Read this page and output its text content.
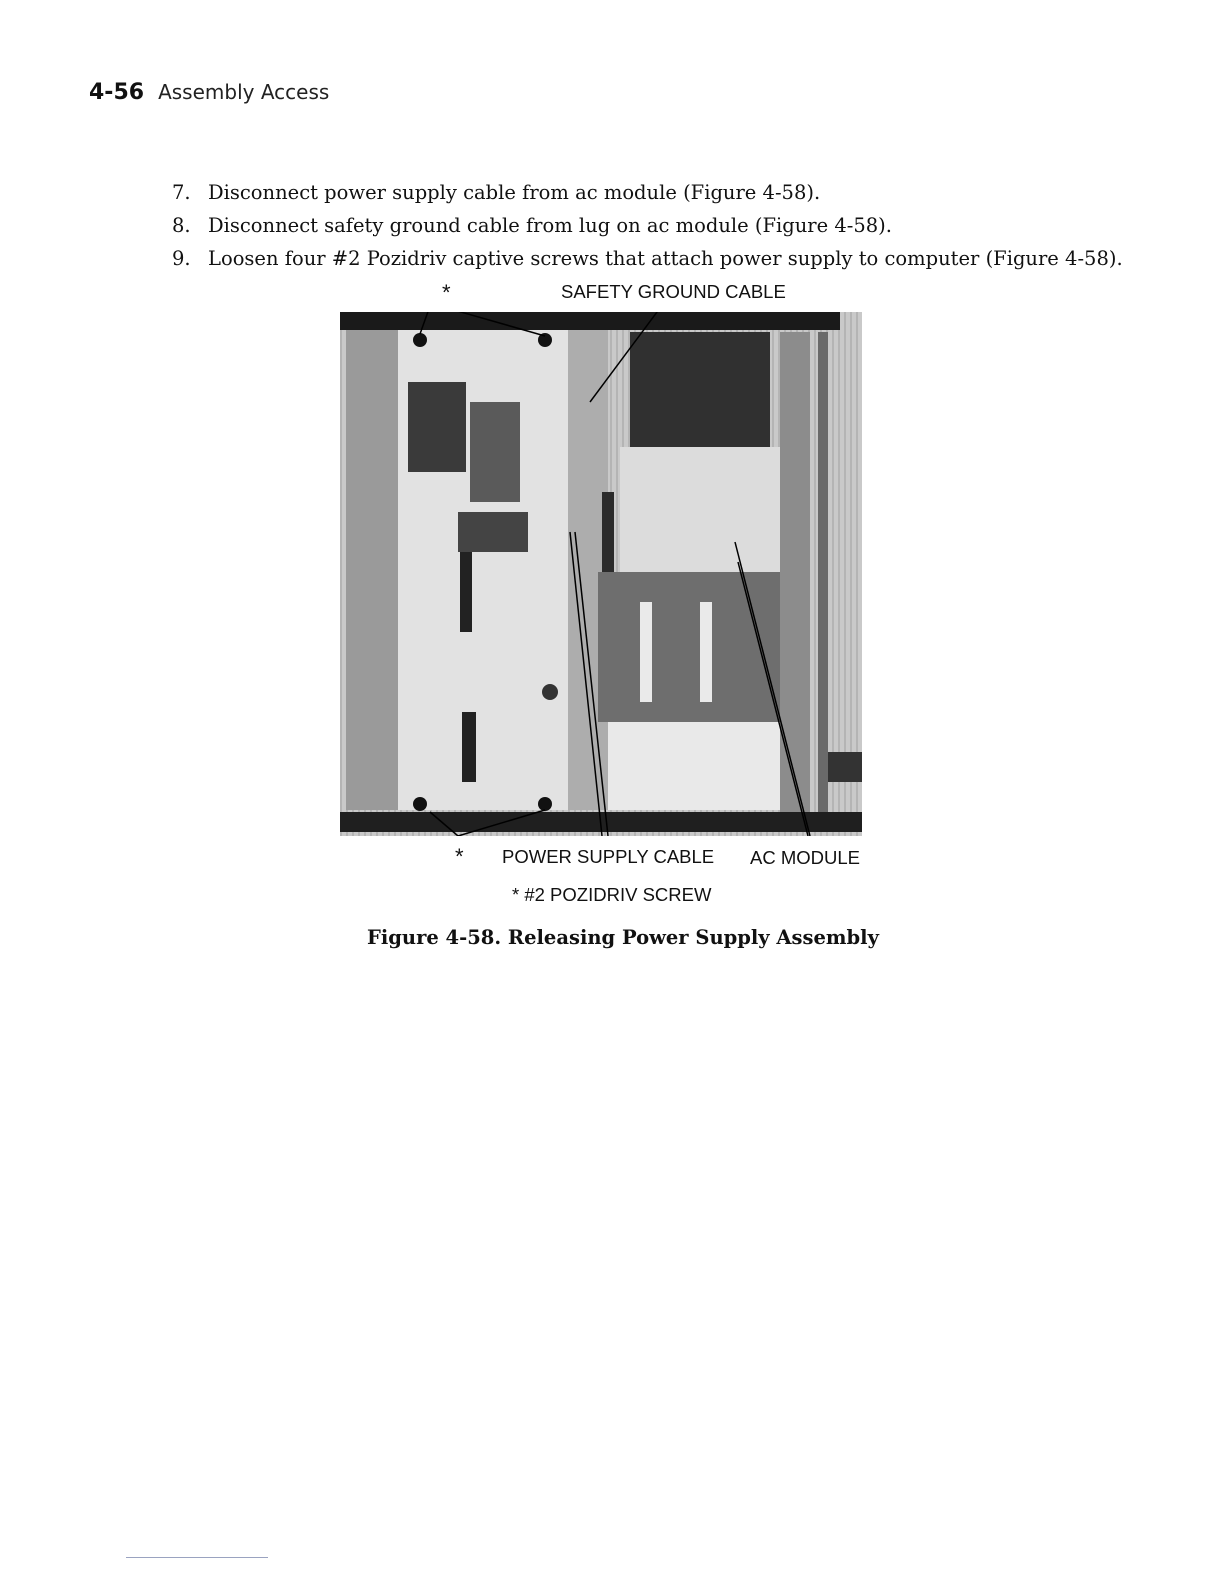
4-56 Assembly Access
7. Disconnect power supply cable from ac module (Figure 4-58).
8. Disconnect safety ground cable from lug on ac module (Figure 4-58).
9. Loosen four #2 Pozidriv captive screws that attach power supply to computer (Figure 4-58).
*	SAFETY GROUND CABLE
* POWER SUPPLY CABLE AC MODULE
* #2 POZIDRIV SCREW
Figure 4-58. Releasing Power Supply Assembly
